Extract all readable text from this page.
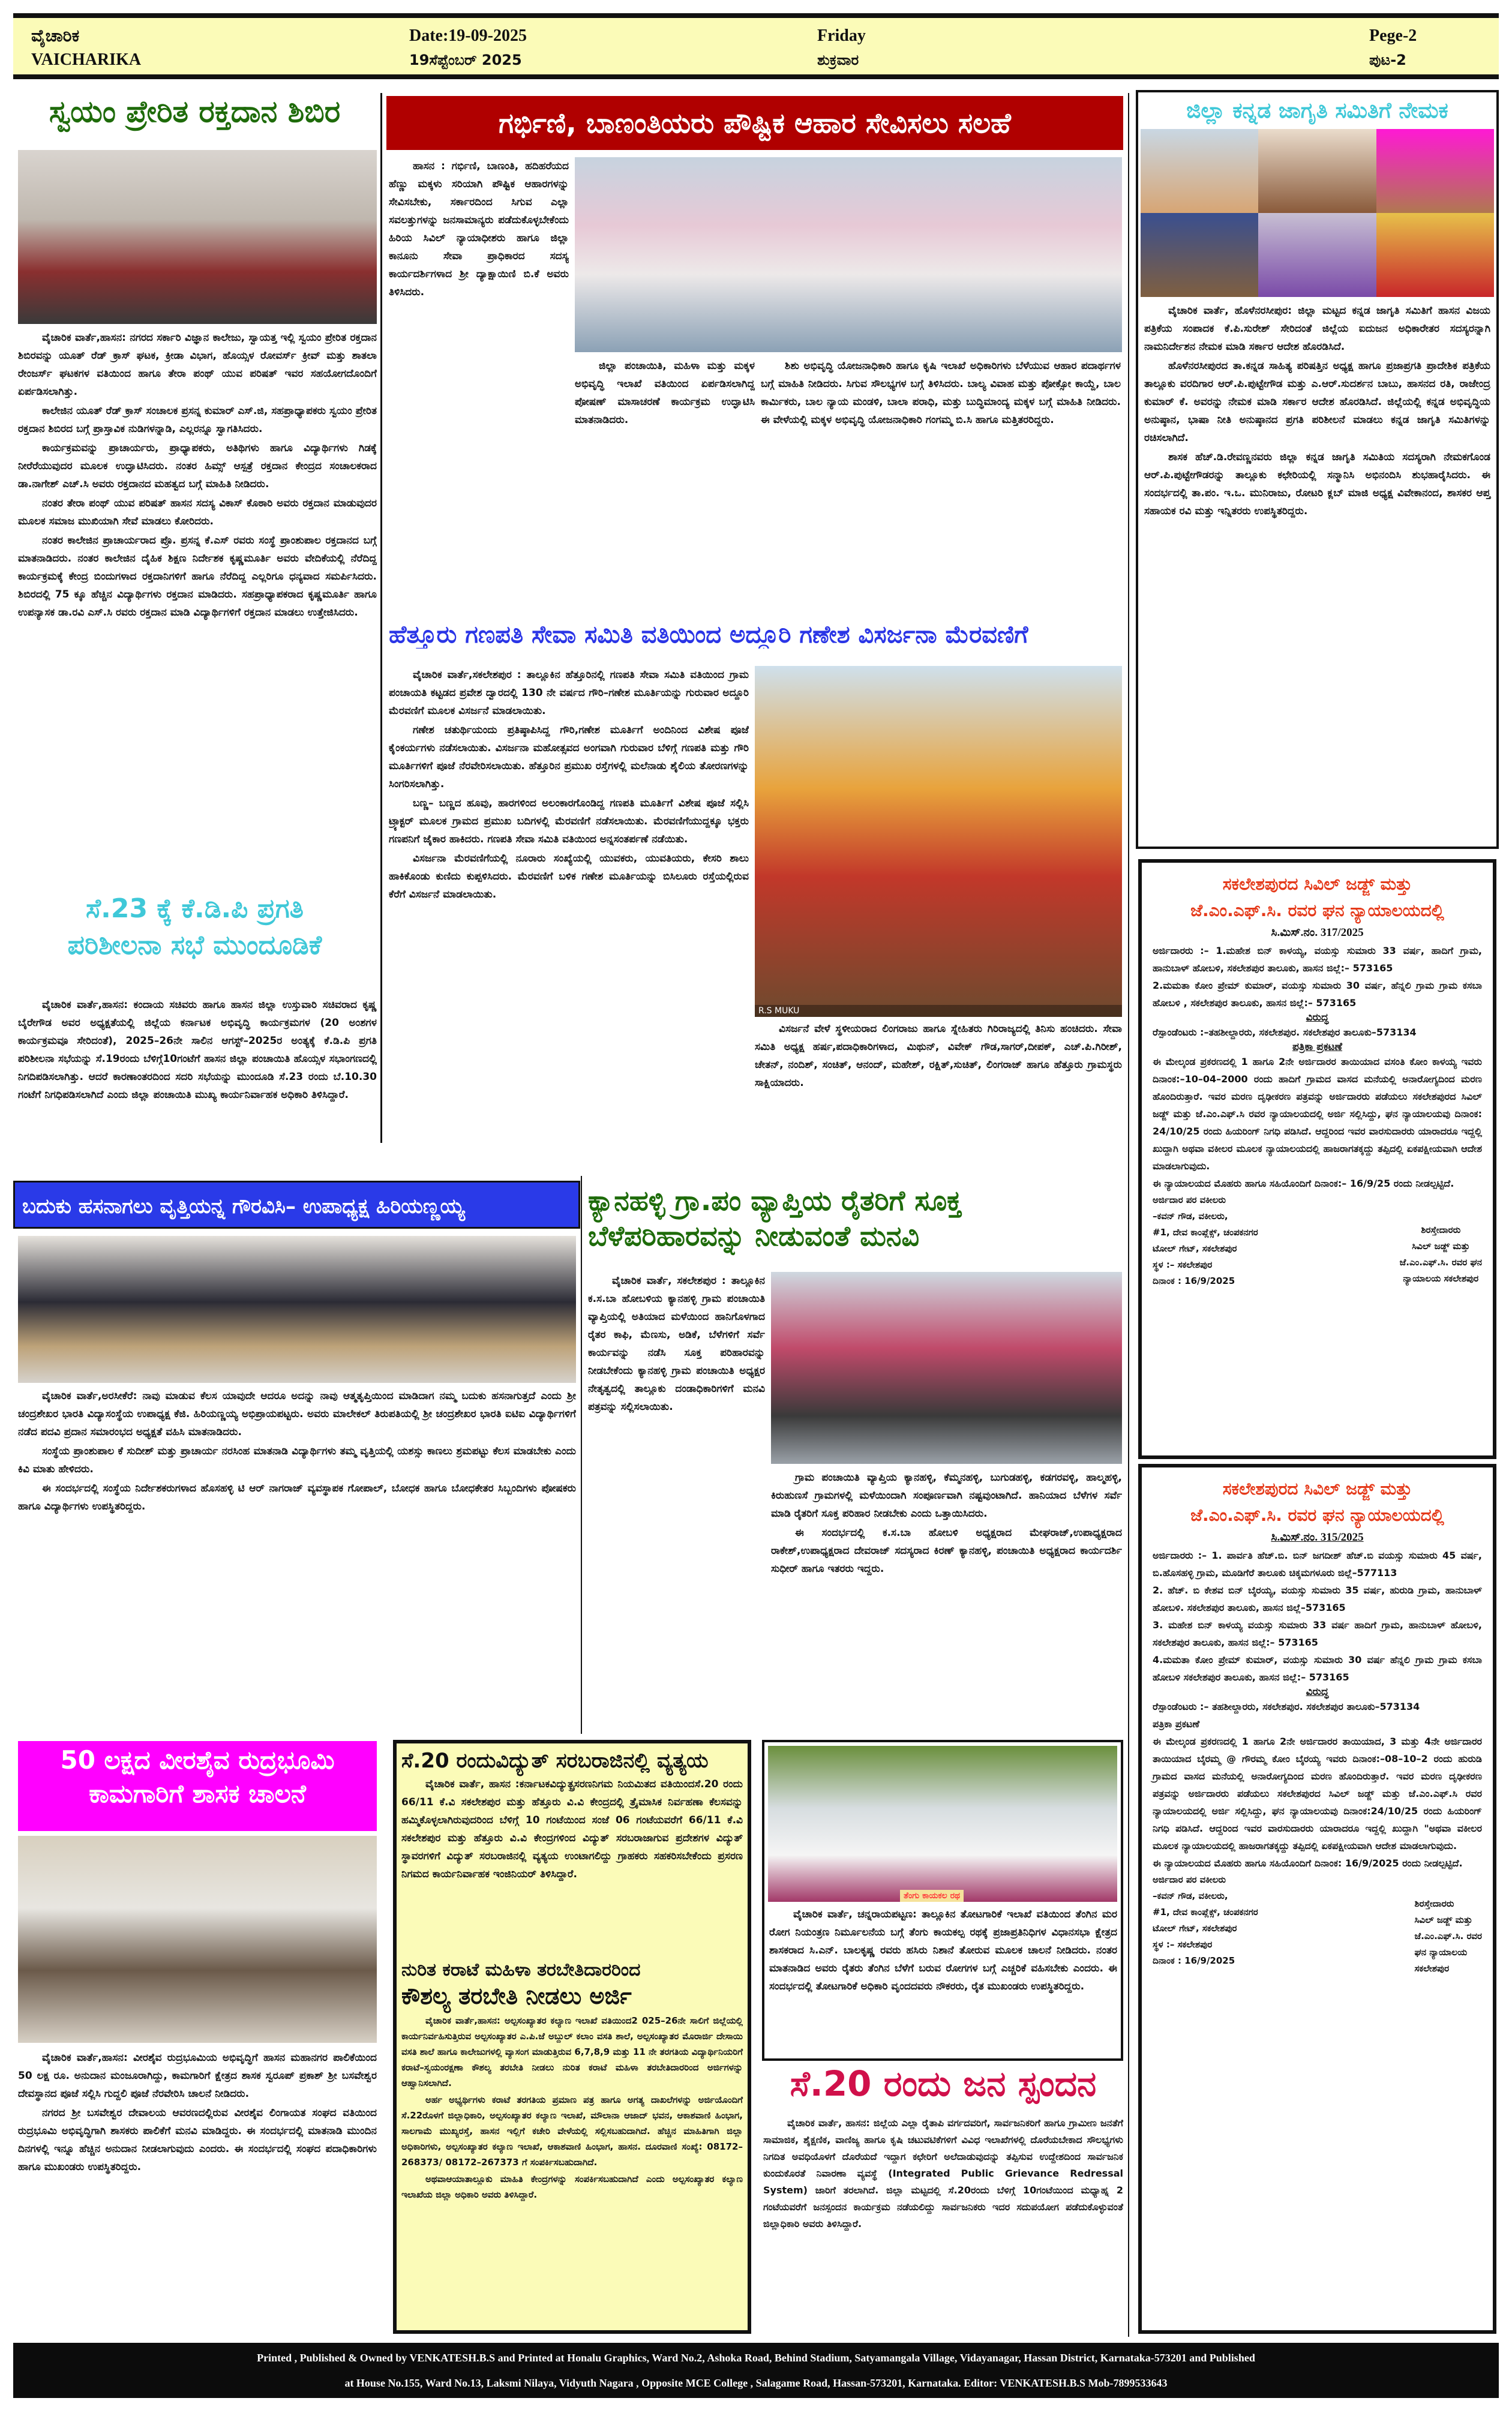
ವೈಚಾರಿಕ
VAICHARIKA
Date:19-09-2025
19ಸೆಪ್ಟೆಂಬರ್ 2025
Friday
ಶುಕ್ರವಾರ
Pege-2
ಪುಟ-2
ಸ್ವಯಂ ಪ್ರೇರಿತ ರಕ್ತದಾನ ಶಿಬಿರ

ವೈಚಾರಿಕ ವಾರ್ತೆ,ಹಾಸನ: ನಗರದ ಸರ್ಕಾರಿ ವಿಜ್ಞಾನ ಕಾಲೇಜು, ಸ್ವಾಯತ್ತ ಇಲ್ಲಿ ಸ್ವಯಂ ಪ್ರೇರಿತ ರಕ್ತದಾನ ಶಿಬಿರವನ್ನು ಯೂತ್ ರೆಡ್ ಕ್ರಾಸ್ ಘಟಕ, ಕ್ರೀಡಾ ವಿಭಾಗ, ಹೊಯ್ಸಳ ರೋವರ್ಸ್ ಕ್ರೀವ್ ಮತ್ತು ಶಾತಲಾ ರೇಂಜರ್ಸ್ ಘಟಕಗಳ ವತಿಯಿಂದ ಹಾಗೂ ತೇರಾ ಪಂಥ್ ಯುವ ಪರಿಷತ್ ಇವರ ಸಹಯೋಗದೊಂದಿಗೆ ಏರ್ಪಡಿಸಲಾಗಿತ್ತು.

ಕಾಲೇಜಿನ ಯೂತ್ ರೆಡ್ ಕ್ರಾಸ್ ಸಂಚಾಲಕ ಪ್ರಸನ್ನ ಕುಮಾರ್ ಎಸ್.ಜಿ, ಸಹಪ್ರಾಧ್ಯಾಪಕರು ಸ್ವಯಂ ಪ್ರೇರಿತ ರಕ್ತದಾನ ಶಿಬಿರದ ಬಗ್ಗೆ ಪ್ರಾಸ್ತಾವಿಕ ನುಡಿಗಳನ್ನಾಡಿ, ಎಲ್ಲರನ್ನೂ ಸ್ವಾಗತಿಸಿದರು.

ಕಾರ್ಯಕ್ರಮವನ್ನು ಪ್ರಾಚಾರ್ಯರು, ಪ್ರಾಧ್ಯಾಪಕರು, ಅತಿಥಿಗಳು ಹಾಗೂ ವಿದ್ಯಾರ್ಥಿಗಳು ಗಿಡಕ್ಕೆ ನೀರೆರೆಯುವುದರ ಮೂಲಕ ಉದ್ಘಾಟಿಸಿದರು. ನಂತರ ಹಿಮ್ಸ್ ಆಸ್ಪತ್ರೆ ರಕ್ತದಾನ ಕೇಂದ್ರದ ಸಂಚಾಲಕರಾದ ಡಾ.ನಾಗೇಶ್ ಎಚ್.ಸಿ ಅವರು ರಕ್ತದಾನದ ಮಹತ್ವದ ಬಗ್ಗೆ ಮಾಹಿತಿ ನೀಡಿದರು.

ನಂತರ ತೇರಾ ಪಂಥ್ ಯುವ ಪರಿಷತ್ ಹಾಸನ ಸದಸ್ಯ ವಿಕಾಸ್ ಕೊಠಾರಿ ಅವರು ರಕ್ತದಾನ ಮಾಡುವುದರ ಮೂಲಕ ಸಮಾಜ ಮುಖಿಯಾಗಿ ಸೇವೆ ಮಾಡಲು ಕೋರಿದರು.

ನಂತರ ಕಾಲೇಜಿನ ಪ್ರಾಚಾರ್ಯರಾದ ಪ್ರೊ. ಪ್ರಸನ್ನ ಕೆ.ಎಸ್ ರವರು ಸಂಸ್ಥೆ ಪ್ರಾಂಶುಪಾಲ ರಕ್ತದಾನದ ಬಗ್ಗೆ ಮಾತನಾಡಿದರು. ನಂತರ ಕಾಲೇಜಿನ ದೈಹಿಕ ಶಿಕ್ಷಣ ನಿರ್ದೇಶಕ ಕೃಷ್ಣಮೂರ್ತಿ ಅವರು ವೇದಿಕೆಯಲ್ಲಿ ನೆರೆದಿದ್ದ ಕಾರ್ಯಕ್ರಮಕ್ಕೆ ಕೇಂದ್ರ ಬಿಂದುಗಳಾದ ರಕ್ತದಾನಿಗಳಿಗೆ ಹಾಗೂ ನೆರೆದಿದ್ದ ಎಲ್ಲರಿಗೂ ಧನ್ಯವಾದ ಸಮರ್ಪಿಸಿದರು. ಶಿಬಿರದಲ್ಲಿ 75 ಕ್ಕೂ ಹೆಚ್ಚಿನ ವಿದ್ಯಾರ್ಥಿಗಳು ರಕ್ತದಾನ ಮಾಡಿದರು. ಸಹಪ್ರಾಧ್ಯಾಪಕರಾದ ಕೃಷ್ಣಮೂರ್ತಿ ಹಾಗೂ ಉಪನ್ಯಾಸಕ ಡಾ.ರವಿ ಎಸ್.ಸಿ ರವರು ರಕ್ತದಾನ ಮಾಡಿ ವಿದ್ಯಾರ್ಥಿಗಳಿಗೆ ರಕ್ತದಾನ ಮಾಡಲು ಉತ್ತೇಜಿಸಿದರು.

ಸೆ.23 ಕ್ಕೆ ಕೆ.ಡಿ.ಪಿ ಪ್ರಗತಿ
ಪರಿಶೀಲನಾ ಸಭೆ ಮುಂದೂಡಿಕೆ

ವೈಚಾರಿಕ ವಾರ್ತೆ,ಹಾಸನ: ಕಂದಾಯ ಸಚಿವರು ಹಾಗೂ ಹಾಸನ ಜಿಲ್ಲಾ ಉಸ್ತುವಾರಿ ಸಚಿವರಾದ ಕೃಷ್ಣ ಬೈರೇಗೌಡ ಅವರ ಅಧ್ಯಕ್ಷತೆಯಲ್ಲಿ ಜಿಲ್ಲೆಯ ಕರ್ನಾಟಕ ಅಭಿವೃದ್ಧಿ ಕಾರ್ಯಕ್ರಮಗಳ (20 ಅಂಶಗಳ ಕಾರ್ಯಕ್ರಮವೂ ಸೇರಿದಂತೆ), 2025–26ನೇ ಸಾಲಿನ ಆಗಸ್ಟ್–2025ರ ಅಂತ್ಯಕ್ಕೆ ಕೆ.ಡಿ.ಪಿ ಪ್ರಗತಿ ಪರಿಶೀಲನಾ ಸಭೆಯನ್ನು ಸೆ.19ರಂದು ಬೆಳಿಗ್ಗೆ10ಗಂಟೆಗೆ ಹಾಸನ ಜಿಲ್ಲಾ ಪಂಚಾಯಿತಿ ಹೊಯ್ಸಳ ಸಭಾಂಗಣದಲ್ಲಿ ನಿಗದಿಪಡಿಸಲಾಗಿತ್ತು. ಆದರೆ ಕಾರಣಾಂತರದಿಂದ ಸದರಿ ಸಭೆಯನ್ನು ಮುಂದೂಡಿ ಸೆ.23 ರಂದು ಬೆ.10.30 ಗಂಟೆಗೆ ನಿಗಧಿಪಡಿಸಲಾಗಿದೆ ಎಂದು ಜಿಲ್ಲಾ ಪಂಚಾಯಿತಿ ಮುಖ್ಯ ಕಾರ್ಯನಿರ್ವಾಹಕ ಅಧಿಕಾರಿ ತಿಳಿಸಿದ್ದಾರೆ.

ಗರ್ಭಿಣಿ, ಬಾಣಂತಿಯರು ಪೌಷ್ಟಿಕ ಆಹಾರ ಸೇವಿಸಲು ಸಲಹೆ

ಹಾಸನ : ಗರ್ಭಿಣಿ, ಬಾಣಂತಿ, ಹದಿಹರೆಯದ ಹೆಣ್ಣು ಮಕ್ಕಳು ಸರಿಯಾಗಿ ಪೌಷ್ಟಿಕ ಆಹಾರಗಳನ್ನು ಸೇವಿಸಬೇಕು, ಸರ್ಕಾರದಿಂದ ಸಿಗುವ ಎಲ್ಲಾ ಸವಲತ್ತುಗಳನ್ನು ಜನಸಾಮಾನ್ಯರು ಪಡೆದುಕೊಳ್ಳಬೇಕೆಂದು ಹಿರಿಯ ಸಿವಿಲ್ ನ್ಯಾಯಾಧೀಶರು ಹಾಗೂ ಜಿಲ್ಲಾ ಕಾನೂನು ಸೇವಾ ಪ್ರಾಧಿಕಾರದ ಸದಸ್ಯ ಕಾರ್ಯದರ್ಶಿಗಳಾದ ಶ್ರೀ ದ್ಯಾಕ್ಷಾಯಿಣಿ ಬಿ.ಕೆ ಅವರು ತಿಳಿಸಿದರು.

ಜಿಲ್ಲಾ ಪಂಚಾಯಿತಿ, ಮಹಿಳಾ ಮತ್ತು ಮಕ್ಕಳ ಅಭಿವೃದ್ಧಿ ಇಲಾಖೆ ವತಿಯಿಂದ ಏರ್ಪಡಿಸಲಾಗಿದ್ದ ಪೋಷಣ್ ಮಾಸಾಚರಣೆ ಕಾರ್ಯಕ್ರಮ ಉದ್ಘಾಟಿಸಿ ಮಾತನಾಡಿದರು.

ಶಿಶು ಅಭಿವೃದ್ಧಿ ಯೋಜನಾಧಿಕಾರಿ ಹಾಗೂ ಕೃಷಿ ಇಲಾಖೆ ಅಧಿಕಾರಿಗಳು ಬೆಳೆಯುವ ಆಹಾರ ಪದಾರ್ಥಗಳ ಬಗ್ಗೆ ಮಾಹಿತಿ ನೀಡಿದರು. ಸಿಗುವ ಸೌಲಭ್ಯಗಳ ಬಗ್ಗೆ ತಿಳಿಸಿದರು. ಬಾಲ್ಯ ವಿವಾಹ ಮತ್ತು ಪೋಕ್ಸೋ ಕಾಯ್ದೆ, ಬಾಲ ಕಾರ್ಮಿಕರು, ಬಾಲ ನ್ಯಾಯ ಮಂಡಳಿ, ಬಾಲಾ ಪರಾಧಿ, ಮತ್ತು ಬುದ್ಧಿಮಾಂದ್ಯ ಮಕ್ಕಳ ಬಗ್ಗೆ ಮಾಹಿತಿ ನೀಡಿದರು. ಈ ವೇಳೆಯಲ್ಲಿ ಮಕ್ಕಳ ಅಭಿವೃದ್ಧಿ ಯೋಜನಾಧಿಕಾರಿ ಗಂಗಮ್ಮ ಬಿ.ಸಿ ಹಾಗೂ ಮತ್ತಿತರರಿದ್ದರು.

ಹೆತ್ತೂರು ಗಣಪತಿ ಸೇವಾ ಸಮಿತಿ ವತಿಯಿಂದ ಅದ್ದೂರಿ ಗಣೇಶ ವಿಸರ್ಜನಾ ಮೆರವಣಿಗೆ

ವೈಚಾರಿಕ ವಾರ್ತೆ,ಸಕಲೇಶಪುರ : ತಾಲ್ಲೂಕಿನ ಹೆತ್ತೂರಿನಲ್ಲಿ ಗಣಪತಿ ಸೇವಾ ಸಮಿತಿ ವತಿಯಿಂದ ಗ್ರಾಮ ಪಂಚಾಯತಿ ಕಟ್ಟಡದ ಪ್ರವೇಶ ದ್ವಾರದಲ್ಲಿ 130 ನೇ ವರ್ಷದ ಗೌರಿ–ಗಣೇಶ ಮೂರ್ತಿಯನ್ನು ಗುರುವಾರ ಅದ್ದೂರಿ ಮೆರವಣಿಗೆ ಮೂಲಕ ವಿಸರ್ಜನೆ ಮಾಡಲಾಯಿತು.

ಗಣೇಶ ಚತುರ್ಥಿಯಂದು ಪ್ರತಿಷ್ಠಾಪಿಸಿದ್ದ ಗೌರಿ,ಗಣೇಶ ಮೂರ್ತಿಗೆ ಅಂದಿನಿಂದ ವಿಶೇಷ ಪೂಜೆ ಕೈಂಕರ್ಯಗಳು ನಡೆಸಲಾಯಿತು. ವಿಸರ್ಜನಾ ಮಹೋತ್ಸವದ ಅಂಗವಾಗಿ ಗುರುವಾರ ಬೆಳಿಗ್ಗೆ ಗಣಪತಿ ಮತ್ತು ಗೌರಿ ಮೂರ್ತಿಗಳಿಗೆ ಪೂಜೆ ನೆರವೇರಿಸಲಾಯಿತು. ಹೆತ್ತೂರಿನ ಪ್ರಮುಖ ರಸ್ತೆಗಳಲ್ಲಿ ಮಲೆನಾಡು ಶೈಲಿಯ ತೋರಣಗಳನ್ನು ಸಿಂಗರಿಸಲಾಗಿತ್ತು.

ಬಣ್ಣ– ಬಣ್ಣದ ಹೂವು, ಹಾರಗಳಿಂದ ಅಲಂಕಾರಗೊಂಡಿದ್ದ ಗಣಪತಿ ಮೂರ್ತಿಗೆ ವಿಶೇಷ ಪೂಜೆ ಸಲ್ಲಿಸಿ ಟ್ರ್ಯಾಕ್ಟರ್ ಮೂಲಕ ಗ್ರಾಮದ ಪ್ರಮುಖ ಬದಿಗಳಲ್ಲಿ ಮೆರವಣಿಗೆ ನಡೆಸಲಾಯಿತು. ಮೆರವಣಿಗೆಯುದ್ದಕ್ಕೂ ಭಕ್ತರು ಗಣಪನಿಗೆ ಜೈಕಾರ ಹಾಕಿದರು. ಗಣಪತಿ ಸೇವಾ ಸಮಿತಿ ವತಿಯಿಂದ ಅನ್ನಸಂತರ್ಪಣೆ ನಡೆಯಿತು.

ವಿಸರ್ಜನಾ ಮೆರವಣಿಗೆಯಲ್ಲಿ ನೂರಾರು ಸಂಖ್ಯೆಯಲ್ಲಿ ಯುವಕರು, ಯುವತಿಯರು, ಕೇಸರಿ ಶಾಲು ಹಾಕಿಕೊಂಡು ಕುಣಿದು ಕುಪ್ಪಳಿಸಿದರು. ಮೆರವಣಿಗೆ ಬಳಿಕ ಗಣೇಶ ಮೂರ್ತಿಯನ್ನು ಬಿಸಿಲೂರು ರಸ್ತೆಯಲ್ಲಿರುವ ಕೆರೆಗೆ ವಿಸರ್ಜನೆ ಮಾಡಲಾಯಿತು.

R.S MUKU

ವಿಸರ್ಜನೆ ವೇಳೆ ಸ್ಥಳೀಯರಾದ ಲಿಂಗರಾಜು ಹಾಗೂ ಸ್ನೇಹಿತರು ಗಿರಿರಾಜ್ಯದಲ್ಲಿ ತಿನಿಸು ಹಂಚಿದರು. ಸೇವಾ ಸಮಿತಿ ಅಧ್ಯಕ್ಷ ಹರ್ಷ,ಪದಾಧಿಕಾರಿಗಳಾದ, ಮಿಥುನ್, ವಿವೇಕ್ ಗೌಡ,ಸಾಗರ್,ದೀಪಕ್, ಎಚ್.ಪಿ.ಗಿರೀಶ್, ಚೇತನ್, ನಂದಿಶ್, ಸಂಚಿತ್, ಆನಂದ್, ಮಹೇಶ್, ರಕ್ಷಿತ್,ಸುಚಿತ್, ಲಿಂಗರಾಜ್ ಹಾಗೂ ಹೆತ್ತೂರು ಗ್ರಾಮಸ್ಥರು ಸಾಕ್ಷಿಯಾದರು.

ಜಿಲ್ಲಾ ಕನ್ನಡ ಜಾಗೃತಿ ಸಮಿತಿಗೆ ನೇಮಕ

ವೈಚಾರಿಕ ವಾರ್ತೆ, ಹೊಳೆನರಸೀಪುರ: ಜಿಲ್ಲಾ ಮಟ್ಟದ ಕನ್ನಡ ಜಾಗೃತಿ ಸಮಿತಿಗೆ ಹಾಸನ ವಿಜಯ ಪತ್ರಿಕೆಯ ಸಂಪಾದಕ ಕೆ.ಪಿ.ಸುರೇಶ್ ಸೇರಿದಂತೆ ಜಿಲ್ಲೆಯ ಐದುಜನ ಅಧಿಕಾರೇತರ ಸದಸ್ಯರನ್ನಾಗಿ ನಾಮನಿರ್ದೇಶನ ನೇಮಕ ಮಾಡಿ ಸರ್ಕಾರ ಆದೇಶ ಹೊರಡಿಸಿದೆ.

ಹೊಳೆನರಸೀಪುರದ ತಾ.ಕನ್ನಡ ಸಾಹಿತ್ಯ ಪರಿಷತ್ತಿನ ಅಧ್ಯಕ್ಷ ಹಾಗೂ ಪ್ರಜಾಪ್ರಗತಿ ಪ್ರಾದೇಶಿಕ ಪತ್ರಿಕೆಯ ತಾಲ್ಲೂಕು ವರದಿಗಾರ ಆರ್.ಪಿ.ಪುಟ್ಟೇಗೌಡ ಮತ್ತು ಎ.ಆರ್.ಸುದರ್ಶನ ಬಾಬು, ಹಾಸನದ ರತಿ, ರಾಜೇಂದ್ರ ಕುಮಾರ್ ಕೆ. ಅವರನ್ನು ನೇಮಕ ಮಾಡಿ ಸರ್ಕಾರ ಆದೇಶ ಹೊರಡಿಸಿದೆ. ಜಿಲ್ಲೆಯಲ್ಲಿ ಕನ್ನಡ ಅಭಿವೃದ್ಧಿಯ ಅನುಷ್ಠಾನ, ಭಾಷಾ ನೀತಿ ಅನುಷ್ಠಾನದ ಪ್ರಗತಿ ಪರಿಶೀಲನೆ ಮಾಡಲು ಕನ್ನಡ ಜಾಗೃತಿ ಸಮಿತಿಗಳನ್ನು ರಚಿಸಲಾಗಿದೆ.

ಶಾಸಕ ಹೆಚ್.ಡಿ.ರೇವಣ್ಣನವರು ಜಿಲ್ಲಾ ಕನ್ನಡ ಜಾಗೃತಿ ಸಮಿತಿಯ ಸದಸ್ಯರಾಗಿ ನೇಮಕಗೊಂಡ ಆರ್.ಪಿ.ಪುಟ್ಟೇಗೌಡರನ್ನು ತಾಲ್ಲೂಕು ಕಛೇರಿಯಲ್ಲಿ ಸನ್ಮಾನಿಸಿ ಅಭಿನಂದಿಸಿ ಶುಭಹಾರೈಸಿದರು. ಈ ಸಂದರ್ಭದಲ್ಲಿ ತಾ.ಪಂ. ಇ.ಒ. ಮುನಿರಾಜು, ರೋಟರಿ ಕ್ಲಬ್ ಮಾಜಿ ಅಧ್ಯಕ್ಷ ವಿವೇಕಾನಂದ, ಶಾಸಕರ ಆಪ್ತ ಸಹಾಯಕ ರವಿ ಮತ್ತು ಇನ್ನಿತರರು ಉಪಸ್ಥಿತರಿದ್ದರು.

ಸಕಲೇಶಪುರದ ಸಿವಿಲ್ ಜಡ್ಜ್ ಮತ್ತು
ಜೆ.ಎಂ.ಎಫ್.ಸಿ. ರವರ ಘನ ನ್ಯಾಯಾಲಯದಲ್ಲಿ
ಸಿ.ಮಿಸ್.ನಂ. 317/2025
ಅರ್ಜಿದಾರರು :– 1.ಮಹೇಶ ಬಿನ್ ಕಾಳಯ್ಯ, ವಯಸ್ಸು ಸುಮಾರು 33 ವರ್ಷ, ಹಾದಿಗೆ ಗ್ರಾಮ, ಹಾನುಬಾಳ್ ಹೋಬಳಿ, ಸಕಲೇಶಪುರ ತಾಲೂಕು, ಹಾಸನ ಜಿಲ್ಲೆ:– 573165
2.ಮಮತಾ ಕೋಂ ಪ್ರೇಮ್ ಕುಮಾರ್, ವಯಸ್ಸು ಸುಮಾರು 30 ವರ್ಷ, ಹೆನ್ನಲಿ ಗ್ರಾಮ ಗ್ರಾಮ ಕಸಬಾ ಹೋಬಳಿ , ಸಕಲೇಶಪುರ ತಾಲೂಕು, ಹಾಸನ ಜಿಲ್ಲೆ:– 573165
ವಿರುದ್ಧ
ರೆಸ್ಪಾಂಡೆಂಟರು :–ತಹಶೀಲ್ದಾರರು, ಸಕಲೇಶಪುರ. ಸಕಲೇಶಪುರ ತಾಲೂಕು–573134
ಪತ್ರಿಕಾ ಪ್ರಕಟಣೆ
ಈ ಮೇಲ್ಕಂಡ ಪ್ರಕರಣದಲ್ಲಿ 1 ಹಾಗೂ 2ನೇ ಅರ್ಜಿದಾರರ ತಾಯಿಯಾದ ವಸಂತಿ ಕೋಂ ಕಾಳಯ್ಯ ಇವರು ದಿನಾಂಕ:–10–04–2000 ರಂದು ಹಾದಿಗೆ ಗ್ರಾಮದ ವಾಸದ ಮನೆಯಲ್ಲಿ ಅನಾರೋಗ್ಯದಿಂದ ಮರಣ ಹೊಂದಿರುತ್ತಾರೆ. ಇವರ ಮರಣ ದೃಢೀಕರಣ ಪತ್ರವನ್ನು ಅರ್ಜಿದಾರರು ಪಡೆಯಲು ಸಕಲೇಶಪುರದ ಸಿವಿಲ್ ಜಡ್ಜ್ ಮತ್ತು ಜೆ.ಎಂ.ಎಫ್.ಸಿ ರವರ ನ್ಯಾಯಾಲಯದಲ್ಲಿ ಅರ್ಜಿ ಸಲ್ಲಿಸಿದ್ದು, ಘನ ನ್ಯಾಯಾಲಯವು ದಿನಾಂಕ: 24/10/25 ರಂದು ಹಿಯರಿಂಗ್ ನಿಗಧಿ ಪಡಿಸಿದೆ. ಆದ್ದರಿಂದ ಇವರ ವಾರಸುದಾರರು ಯಾರಾದರೂ ಇದ್ದಲ್ಲಿ ಖುದ್ದಾಗಿ ಅಥವಾ ವಕೀಲರ ಮೂಲಕ ನ್ಯಾಯಾಲಯದಲ್ಲಿ ಹಾಜರಾಗತಕ್ಕದ್ದು ತಪ್ಪಿದಲ್ಲಿ ಏಕಪಕ್ಷೀಯವಾಗಿ ಆದೇಶ ಮಾಡಲಾಗುವುದು.
ಈ ನ್ಯಾಯಾಲಯದ ಮೊಹರು ಹಾಗೂ ಸಹಿಯೊಂದಿಗೆ ದಿನಾಂಕ:– 16/9/25 ರಂದು ನೀಡಲ್ಪಟ್ಟಿದೆ.
ಅರ್ಜಿದಾರ ಪರ ವಕೀಲರು
–ಕವನ್ ಗೌಡ, ವಕೀಲರು,
#1, ದೇವ ಕಾಂಪ್ಲೆಕ್ಸ್, ಚಂಪಕನಗರ
ಟೋಲ್ ಗೇಟ್, ಸಕಲೇಶಪುರ
ಸ್ಥಳ :– ಸಕಲೇಶಪುರ
ದಿನಾಂಕ : 16/9/2025
ಶಿರಸ್ತೇದಾರರು
ಸಿವಿಲ್ ಜಡ್ಜ್ ಮತ್ತು
ಜೆ.ಎಂ.ಎಫ್.ಸಿ. ರವರ ಘನ
ನ್ಯಾಯಾಲಯ ಸಕಲೇಶಪುರ
ಸಕಲೇಶಪುರದ ಸಿವಿಲ್ ಜಡ್ಜ್ ಮತ್ತು
ಜೆ.ಎಂ.ಎಫ್.ಸಿ. ರವರ ಘನ ನ್ಯಾಯಾಲಯದಲ್ಲಿ
ಸಿ.ಮಿಸ್.ನಂ. 315/2025
ಅರ್ಜಿದಾರರು :– 1. ಪಾರ್ವತಿ ಹೆಚ್.ಬಿ. ಬಿನ್ ಜಗದೀಶ್ ಹೆಚ್.ಬಿ ವಯಸ್ಸು ಸುಮಾರು 45 ವರ್ಷ, ಬಿ.ಹೊಸಹಳ್ಳಿ ಗ್ರಾಮ, ಮೂಡಿಗೆರೆ ತಾಲೂಕು ಚಿಕ್ಕಮಗಳೂರು ಜಿಲ್ಲೆ–577113
2. ಹೆಚ್. ಬಿ ಕೇಶವ ಬಿನ್ ಬೈರಯ್ಯ, ವಯಸ್ಸು ಸುಮಾರು 35 ವರ್ಷ, ಹುರುಡಿ ಗ್ರಾಮ, ಹಾನುಬಾಳ್ ಹೋಬಳಿ. ಸಕಲೇಶಪುರ ತಾಲೂಕು, ಹಾಸನ ಜಿಲ್ಲೆ–573165
3. ಮಹೇಶ ಬಿನ್ ಕಾಳಯ್ಯ ವಯಸ್ಸು ಸುಮಾರು 33 ವರ್ಷ ಹಾದಿಗೆ ಗ್ರಾಮ, ಹಾನುಬಾಳ್ ಹೋಬಳಿ, ಸಕಲೇಶಪುರ ತಾಲೂಕು, ಹಾಸನ ಜಿಲ್ಲೆ:– 573165
4.ಮಮತಾ ಕೋಂ ಪ್ರೇಮ್ ಕುಮಾರ್, ವಯಸ್ಸು ಸುಮಾರು 30 ವರ್ಷ ಹೆನ್ನಲಿ ಗ್ರಾಮ ಗ್ರಾಮ ಕಸಬಾ ಹೋಬಳಿ ಸಕಲೇಶಪುರ ತಾಲೂಕು, ಹಾಸನ ಜಿಲ್ಲೆ:– 573165
ವಿರುದ್ಧ
ರೆಸ್ಪಾಂಡೆಂಟರು :– ತಹಶೀಲ್ದಾರರು, ಸಕಲೇಶಪುರ. ಸಕಲೇಶಪುರ ತಾಲೂಕು–573134
ಪತ್ರಿಕಾ ಪ್ರಕಟಣೆ
ಈ ಮೇಲ್ಕಂಡ ಪ್ರಕರಣದಲ್ಲಿ 1 ಹಾಗೂ 2ನೇ ಅರ್ಜಿದಾರರ ತಾಯಿಯಾದ, 3 ಮತ್ತು 4ನೇ ಅರ್ಜಿದಾರರ ತಾಯಿಯಾದ ಬೈರಮ್ಮ @ ಗೌರಮ್ಮ ಕೋಂ ಬೈರಯ್ಯ ಇವರು ದಿನಾಂಕ:–08–10–2 ರಂದು ಹುರುಡಿ ಗ್ರಾಮದ ವಾಸದ ಮನೆಯಲ್ಲಿ ಅನಾರೋಗ್ಯದಿಂದ ಮರಣ ಹೊಂದಿರುತ್ತಾರೆ. ಇವರ ಮರಣ ದೃಢೀಕರಣ ಪತ್ರವನ್ನು ಅರ್ಜಿದಾರರು ಪಡೆಯಲು ಸಕಲೇಶಪುರದ ಸಿವಿಲ್ ಜಡ್ಜ್ ಮತ್ತು ಜೆ.ಎಂ.ಎಫ್.ಸಿ ರವರ ನ್ಯಾಯಾಲಯದಲ್ಲಿ ಅರ್ಜಿ ಸಲ್ಲಿಸಿದ್ದು, ಘನ ನ್ಯಾಯಾಲಯವು ದಿನಾಂಕ:24/10/25 ರಂದು ಹಿಯರಿಂಗ್ ನಿಗಧಿ ಪಡಿಸಿದೆ. ಆದ್ದರಿಂದ ಇವರ ವಾರಸುದಾರರು ಯಾರಾದರೂ ಇದ್ದಲ್ಲಿ ಖುದ್ದಾಗಿ "ಅಥವಾ ವಕೀಲರ ಮೂಲಕ ನ್ಯಾಯಾಲಯದಲ್ಲಿ ಹಾಜರಾಗತಕ್ಕದ್ದು ತಪ್ಪಿದಲ್ಲಿ ಏಕಪಕ್ಷೀಯವಾಗಿ ಆದೇಶ ಮಾಡಲಾಗುವುದು.
ಈ ನ್ಯಾಯಾಲಯದ ಮೊಹರು ಹಾಗೂ ಸಹಿಯೊಂದಿಗೆ ದಿನಾಂಕ: 16/9/2025 ರಂದು ನೀಡಲ್ಪಟ್ಟಿದೆ.
ಅರ್ಜಿದಾರ ಪರ ವಕೀಲರು
–ಕವನ್ ಗೌಡ, ವಕೀಲರು,
#1, ದೇವ ಕಾಂಪ್ಲೆಕ್ಸ್, ಚಂಪಕನಗರ
ಟೋಲ್ ಗೇಟ್, ಸಕಲೇಶಪುರ
ಸ್ಥಳ :– ಸಕಲೇಶಪುರ
ದಿನಾಂಕ : 16/9/2025
ಶಿರಸ್ತೇದಾರರು
ಸಿವಿಲ್ ಜಡ್ಜ್ ಮತ್ತು
ಜೆ.ಎಂ.ಎಫ್.ಸಿ. ರವರ
ಘನ ನ್ಯಾಯಾಲಯ
ಸಕಲೇಶಪುರ
ಬದುಕು ಹಸನಾಗಲು ವೃತ್ತಿಯನ್ನ ಗೌರವಿಸಿ– ಉಪಾಧ್ಯಕ್ಷ ಹಿರಿಯಣ್ಣಯ್ಯ

ವೈಚಾರಿಕ ವಾರ್ತೆ,ಅರಸೀಕೆರೆ: ನಾವು ಮಾಡುವ ಕೆಲಸ ಯಾವುದೇ ಆದರೂ ಅದನ್ನು ನಾವು ಆತ್ಮತೃಪ್ತಿಯಿಂದ ಮಾಡಿದಾಗ ನಮ್ಮ ಬದುಕು ಹಸನಾಗುತ್ತದೆ ಎಂದು ಶ್ರೀ ಚಂದ್ರಶೇಖರ ಭಾರತಿ ವಿದ್ಯಾಸಂಸ್ಥೆಯ ಉಪಾಧ್ಯಕ್ಷ ಕೆಜಿ. ಹಿರಿಯಣ್ಣಯ್ಯ ಅಭಿಪ್ರಾಯಪಟ್ಟರು. ಅವರು ಮಾಲೇಕಲ್ ತಿರುಪತಿಯಲ್ಲಿ ಶ್ರೀ ಚಂದ್ರಶೇಖರ ಭಾರತಿ ಐಟಿಐ ವಿದ್ಯಾರ್ಥಿಗಳಿಗೆ ನಡೆದ ಪದವಿ ಪ್ರದಾನ ಸಮಾರಂಭದ ಅಧ್ಯಕ್ಷತೆ ವಹಿಸಿ ಮಾತನಾಡಿದರು.

ಸಂಸ್ಥೆಯ ಪ್ರಾಂಶುಪಾಲ ಕೆ ಸುದೀಶ್ ಮತ್ತು ಪ್ರಾಚಾರ್ಯ ನರಸಿಂಹ ಮಾತನಾಡಿ ವಿದ್ಯಾರ್ಥಿಗಳು ತಮ್ಮ ವೃತ್ತಿಯಲ್ಲಿ ಯಶಸ್ಸು ಕಾಣಲು ಶ್ರಮಪಟ್ಟು ಕೆಲಸ ಮಾಡಬೇಕು ಎಂದು ಕಿವಿ ಮಾತು ಹೇಳಿದರು.

ಈ ಸಂದರ್ಭದಲ್ಲಿ ಸಂಸ್ಥೆಯ ನಿರ್ದೇಶಕರುಗಳಾದ ಹೊಸಹಳ್ಳಿ ಟಿ ಆರ್ ನಾಗರಾಜ್ ವ್ಯವಸ್ಥಾಪಕ ಗೋಪಾಲ್, ಬೋಧಕ ಹಾಗೂ ಬೋಧಕೇತರ ಸಿಬ್ಬಂದಿಗಳು ಪೋಷಕರು ಹಾಗೂ ವಿದ್ಯಾರ್ಥಿಗಳು ಉಪಸ್ಥಿತರಿದ್ದರು.

ಕ್ಯಾನಹಳ್ಳಿ ಗ್ರಾ.ಪಂ ವ್ಯಾಪ್ತಿಯ ರೈತರಿಗೆ ಸೂಕ್ತ
ಬೆಳೆಪರಿಹಾರವನ್ನು ನೀಡುವಂತೆ ಮನವಿ

ವೈಚಾರಿಕ ವಾರ್ತೆ, ಸಕಲೇಶಪುರ : ತಾಲ್ಲೂಕಿನ ಕ.ಸ.ಬಾ ಹೋಬಳಿಯ ಕ್ಯಾನಹಳ್ಳಿ ಗ್ರಾಮ ಪಂಚಾಯಿತಿ ವ್ಯಾಪ್ತಿಯಲ್ಲಿ ಅತಿಯಾದ ಮಳೆಯಿಂದ ಹಾನಿಗೊಳಗಾದ ರೈತರ ಕಾಫಿ, ಮೆಣಸು, ಅಡಿಕೆ, ಬೆಳೆಗಳಿಗೆ ಸರ್ವೆ ಕಾರ್ಯವನ್ನು ನಡೆಸಿ ಸೂಕ್ತ ಪರಿಹಾರವನ್ನು ನೀಡಬೇಕೆಂದು ಕ್ಯಾನಹಳ್ಳಿ ಗ್ರಾಮ ಪಂಚಾಯಿತಿ ಅಧ್ಯಕ್ಷರ ನೇತೃತ್ವದಲ್ಲಿ ತಾಲ್ಲೂಕು ದಂಡಾಧಿಕಾರಿಗಳಿಗೆ ಮನವಿ ಪತ್ರವನ್ನು ಸಲ್ಲಿಸಲಾಯಿತು.

ಗ್ರಾಮ ಪಂಚಾಯಿತಿ ವ್ಯಾಪ್ತಿಯ ಕ್ಯಾನಹಳ್ಳಿ, ಕೆಮ್ಮನಹಳ್ಳಿ, ಬುಗುಡಹಳ್ಳಿ, ಕಡಗರವಳ್ಳಿ, ಹಾಲ್ಮಹಳ್ಳಿ, ಕಿರುಹುಣಸೆ ಗ್ರಾಮಗಳಲ್ಲಿ ಮಳೆಯಿಂದಾಗಿ ಸಂಪೂರ್ಣವಾಗಿ ನಷ್ಟವುಂಟಾಗಿದೆ. ಹಾನಿಯಾದ ಬೆಳೆಗಳ ಸರ್ವೆ ಮಾಡಿ ರೈತರಿಗೆ ಸೂಕ್ತ ಪರಿಹಾರ ನೀಡಬೇಕು ಎಂದು ಒತ್ತಾಯಿಸಿದರು.

ಈ ಸಂದರ್ಭದಲ್ಲಿ ಕ.ಸ.ಬಾ ಹೋಬಳಿ ಅಧ್ಯಕ್ಷರಾದ ಮೇಘರಾಜ್,ಉಪಾಧ್ಯಕ್ಷರಾದ ರಾಕೇಶ್,ಉಪಾಧ್ಯಕ್ಷರಾದ ದೇವರಾಜ್ ಸದಸ್ಯರಾದ ಕಿರಣ್ ಕ್ಯಾನಹಳ್ಳಿ, ಪಂಚಾಯಿತಿ ಅಧ್ಯಕ್ಷರಾದ ಕಾರ್ಯದರ್ಶಿ ಸುಧೀರ್ ಹಾಗೂ ಇತರರು ಇದ್ದರು.

50 ಲಕ್ಷದ ವೀರಶೈವ ರುದ್ರಭೂಮಿ
ಕಾಮಗಾರಿಗೆ ಶಾಸಕ ಚಾಲನೆ

ವೈಚಾರಿಕ ವಾರ್ತೆ,ಹಾಸನ: ವೀರಶೈವ ರುದ್ರಭೂಮಿಯ ಅಭಿವೃದ್ಧಿಗೆ ಹಾಸನ ಮಹಾನಗರ ಪಾಲಿಕೆಯಿಂದ 50 ಲಕ್ಷ ರೂ. ಅನುದಾನ ಮಂಜೂರಾಗಿದ್ದು, ಕಾಮಗಾರಿಗೆ ಕ್ಷೇತ್ರದ ಶಾಸಕ ಸ್ವರೂಪ್ ಪ್ರಕಾಶ್ ಶ್ರೀ ಬಸವೇಶ್ವರ ದೇವಸ್ಥಾನದ ಪೂಜೆ ಸಲ್ಲಿಸಿ ಗುದ್ದಲಿ ಪೂಜೆ ನೆರವೇರಿಸಿ ಚಾಲನೆ ನೀಡಿದರು.

ನಗರದ ಶ್ರೀ ಬಸವೇಶ್ವರ ದೇವಾಲಯ ಆವರಣದಲ್ಲಿರುವ ವೀರಶೈವ ಲಿಂಗಾಯತ ಸಂಘದ ವತಿಯಿಂದ ರುದ್ರಭೂಮಿ ಅಭಿವೃದ್ಧಿಗಾಗಿ ಶಾಸಕರು ಪಾಲಿಕೆಗೆ ಮನವಿ ಮಾಡಿದ್ದರು. ಈ ಸಂದರ್ಭದಲ್ಲಿ ಮಾತನಾಡಿ ಮುಂದಿನ ದಿನಗಳಲ್ಲಿ ಇನ್ನೂ ಹೆಚ್ಚಿನ ಅನುದಾನ ನೀಡಲಾಗುವುದು ಎಂದರು. ಈ ಸಂದರ್ಭದಲ್ಲಿ ಸಂಘದ ಪದಾಧಿಕಾರಿಗಳು ಹಾಗೂ ಮುಖಂಡರು ಉಪಸ್ಥಿತರಿದ್ದರು.

ಸೆ.20 ರಂದುವಿದ್ಯುತ್ ಸರಬರಾಜಿನಲ್ಲಿ ವ್ಯತ್ಯಯ

ವೈಚಾರಿಕ ವಾರ್ತೆ, ಹಾಸನ :ಕರ್ನಾಟಕವಿದ್ಯುತ್ಪ್ರಸರಣನಿಗಮ ನಿಯಮಿತದ ವತಿಯಿಂದಸೆ.20 ರಂದು 66/11 ಕೆ.ವಿ ಸಕಲೇಶಪುರ ಮತ್ತು ಹೆತ್ತೂರು ವಿ.ವಿ ಕೇಂದ್ರದಲ್ಲಿ ತ್ರೈಮಾಸಿಕ ನಿರ್ವಹಣಾ ಕೆಲಸವನ್ನು ಹಮ್ಮಿಕೊಳ್ಳಲಾಗಿರುವುದರಿಂದ ಬೆಳಿಗ್ಗೆ 10 ಗಂಟೆಯಿಂದ ಸಂಜೆ 06 ಗಂಟೆಯವರೆಗೆ 66/11 ಕೆ.ವಿ ಸಕಲೇಶಪುರ ಮತ್ತು ಹೆತ್ತೂರು ವಿ.ವಿ ಕೇಂದ್ರಗಳಿಂದ ವಿದ್ಯುತ್ ಸರಬರಾಜಾಗುವ ಪ್ರದೇಶಗಳ ವಿದ್ಯುತ್ ಸ್ಥಾವರಗಳಿಗೆ ವಿದ್ಯುತ್ ಸರಬರಾಜಿನಲ್ಲಿ ವ್ಯತ್ಯಯ ಉಂಟಾಗಲಿದ್ದು ಗ್ರಾಹಕರು ಸಹಕರಿಸಬೇಕೆಂದು ಪ್ರಸರಣ ನಿಗಮದ ಕಾರ್ಯನಿರ್ವಾಹಕ ಇಂಜಿನಿಯರ್ ತಿಳಿಸಿದ್ದಾರೆ.

ನುರಿತ ಕರಾಟೆ ಮಹಿಳಾ ತರಬೇತಿದಾರರಿಂದ
ಕೌಶಲ್ಯ ತರಬೇತಿ ನೀಡಲು ಅರ್ಜಿ

ವೈಚಾರಿಕ ವಾರ್ತೆ,ಹಾಸನ: ಅಲ್ಪಸಂಖ್ಯಾತರ ಕಲ್ಯಾಣ ಇಲಾಖೆ ವತಿಯಿಂದ2 025–26ನೇ ಸಾಲಿಗೆ ಜಿಲ್ಲೆಯಲ್ಲಿ ಕಾರ್ಯನಿರ್ವಹಿಸುತ್ತಿರುವ ಅಲ್ಪಸಂಖ್ಯಾತರ ಎ.ಪಿ.ಜೆ ಅಬ್ದುಲ್ ಕಲಾಂ ವಸತಿ ಶಾಲೆ, ಅಲ್ಪಸಂಖ್ಯಾತರ ಮೊರಾರ್ಜಿ ದೇಸಾಯಿ ವಸತಿ ಶಾಲೆ ಹಾಗೂ ಕಾಲೇಜುಗಳಲ್ಲಿ ವ್ಯಾಸಂಗ ಮಾಡುತ್ತಿರುವ 6,7,8,9 ಮತ್ತು 11 ನೇ ತರಗತಿಯ ವಿದ್ಯಾರ್ಥಿನಿಯರಿಗೆ ಕರಾಟೆ–ಸ್ವಯಂರಕ್ಷಣಾ ಕೌಶಲ್ಯ ತರಬೇತಿ ನೀಡಲು ನುರಿತ ಕರಾಟೆ ಮಹಿಳಾ ತರಬೇತಿದಾರರಿಂದ ಅರ್ಜಿಗಳನ್ನು ಆಹ್ವಾನಿಸಲಾಗಿದೆ.

ಅರ್ಹ ಅಭ್ಯರ್ಥಿಗಳು ಕರಾಟೆ ತರಗತಿಯ ಪ್ರಮಾಣ ಪತ್ರ ಹಾಗೂ ಅಗತ್ಯ ದಾಖಲೆಗಳನ್ನು ಅರ್ಜಿಯೊಂದಿಗೆ ಸೆ.22ರೊಳಗೆ ಜಿಲ್ಲಾಧಿಕಾರಿ, ಅಲ್ಪಸಂಖ್ಯಾತರ ಕಲ್ಯಾಣ ಇಲಾಖೆ, ಮೌಲಾನಾ ಆಜಾದ್ ಭವನ, ಆಕಾಶವಾಣಿ ಹಿಂಭಾಗ, ಸಾಲಗಾಮೆ ಮುಖ್ಯರಸ್ತೆ, ಹಾಸನ ಇಲ್ಲಿಗೆ ಕಚೇರಿ ವೇಳೆಯಲ್ಲಿ ಸಲ್ಲಿಸಬಹುದಾಗಿದೆ. ಹೆಚ್ಚಿನ ಮಾಹಿತಿಗಾಗಿ ಜಿಲ್ಲಾ ಅಧಿಕಾರಿಗಳು, ಅಲ್ಪಸಂಖ್ಯಾತರ ಕಲ್ಯಾಣ ಇಲಾಖೆ, ಆಕಾಶವಾಣಿ ಹಿಂಭಾಗ, ಹಾಸನ. ದೂರವಾಣಿ ಸಂಖ್ಯೆ: 08172–268373/ 08172–267373 ಗೆ ಸಂಪರ್ಕಿಸಬಹುದಾಗಿದೆ.

ಅಥವಾಆಯಾತಾಲ್ಲೂಕು ಮಾಹಿತಿ ಕೇಂದ್ರಗಳನ್ನು ಸಂಪರ್ಕಿಸಬಹುದಾಗಿದೆ ಎಂದು ಅಲ್ಪಸಂಖ್ಯಾತರ ಕಲ್ಯಾಣ ಇಲಾಖೆಯ ಜಿಲ್ಲಾ ಅಧಿಕಾರಿ ಅವರು ತಿಳಿಸಿದ್ದಾರೆ.

ತೆಂಗು ಕಾಯಕಲ ರಥ

ವೈಚಾರಿಕ ವಾರ್ತೆ, ಚನ್ನರಾಯಪಟ್ಟಣ: ತಾಲ್ಲೂಕಿನ ತೋಟಗಾರಿಕೆ ಇಲಾಖೆ ವತಿಯಿಂದ ತೆಂಗಿನ ಮರ ರೋಗ ನಿಯಂತ್ರಣ ನಿರ್ಮೂಲನೆಯ ಬಗ್ಗೆ ತೆಂಗು ಕಾಯಕಲ್ಪ ರಥಕ್ಕೆ ಪ್ರಜಾಪ್ರತಿನಿಧಿಗಳ ವಿಧಾನಸಭಾ ಕ್ಷೇತ್ರದ ಶಾಸಕರಾದ ಸಿ.ಎನ್. ಬಾಲಕೃಷ್ಣ ರವರು ಹಸಿರು ನಿಶಾನೆ ತೋರುವ ಮೂಲಕ ಚಾಲನೆ ನೀಡಿದರು. ನಂತರ ಮಾತನಾಡಿದ ಅವರು ರೈತರು ತೆಂಗಿನ ಬೆಳೆಗೆ ಬರುವ ರೋಗಗಳ ಬಗ್ಗೆ ಎಚ್ಚರಿಕೆ ವಹಿಸಬೇಕು ಎಂದರು. ಈ ಸಂದರ್ಭದಲ್ಲಿ ತೋಟಗಾರಿಕೆ ಅಧಿಕಾರಿ ವೃಂದದವರು ನೌಕರರು, ರೈತ ಮುಖಂಡರು ಉಪಸ್ಥಿತರಿದ್ದರು.

ಸೆ.20 ರಂದು ಜನ ಸ್ಪಂದನ

ವೈಚಾರಿಕ ವಾರ್ತೆ, ಹಾಸನ: ಜಿಲ್ಲೆಯ ಎಲ್ಲಾ ರೈತಾಪಿ ವರ್ಗದವರಿಗೆ, ಸಾರ್ವಜನಿಕರಿಗೆ ಹಾಗೂ ಗ್ರಾಮೀಣ ಜನತೆಗೆ ಸಾಮಾಜಿಕ, ಶೈಕ್ಷಣಿಕ, ವಾಣಿಜ್ಯ ಹಾಗೂ ಕೃಷಿ ಚಟುವಟಿಕೆಗಳಿಗೆ ವಿವಿಧ ಇಲಾಖೆಗಳಲ್ಲಿ ದೊರೆಯಬೇಕಾದ ಸೌಲಭ್ಯಗಳು ನಿಗದಿತ ಅವಧಿಯೊಳಗೆ ದೊರೆಯದೆ ಇದ್ದಾಗ ಕಛೇರಿಗೆ ಅಲೆದಾಡುವುದನ್ನು ತಪ್ಪಿಸುವ ಉದ್ದೇಶದಿಂದ ಸಾರ್ವಜನಿಕ ಕುಂದುಕೊರತೆ ನಿವಾರಣಾ ವ್ಯವಸ್ಥೆ (Integrated Public Grievance Redressal System) ಜಾರಿಗೆ ತರಲಾಗಿದೆ. ಜಿಲ್ಲಾ ಮಟ್ಟದಲ್ಲಿ ಸೆ.20ರಂದು ಬೆಳಿಗ್ಗೆ 10ಗಂಟೆಯಿಂದ ಮಧ್ಯಾಹ್ನ 2 ಗಂಟೆಯವರೆಗೆ ಜನಸ್ಪಂದನ ಕಾರ್ಯಕ್ರಮ ನಡೆಯಲಿದ್ದು ಸಾರ್ವಜನಿಕರು ಇದರ ಸದುಪಯೋಗ ಪಡೆದುಕೊಳ್ಳುವಂತೆ ಜಿಲ್ಲಾಧಿಕಾರಿ ಅವರು ತಿಳಿಸಿದ್ದಾರೆ.

Printed , Published & Owned by VENKATESH.B.S and Printed at Honalu Graphics, Ward No.2, Ashoka Road, Behind Stadium, Satyamangala Village, Vidayanagar, Hassan District, Karnataka-573201 and Published
at House No.155, Ward No.13, Laksmi Nilaya, Vidyuth Nagara , Opposite MCE College , Salagame Road, Hassan-573201, Karnataka. Editor: VENKATESH.B.S Mob-7899533643
